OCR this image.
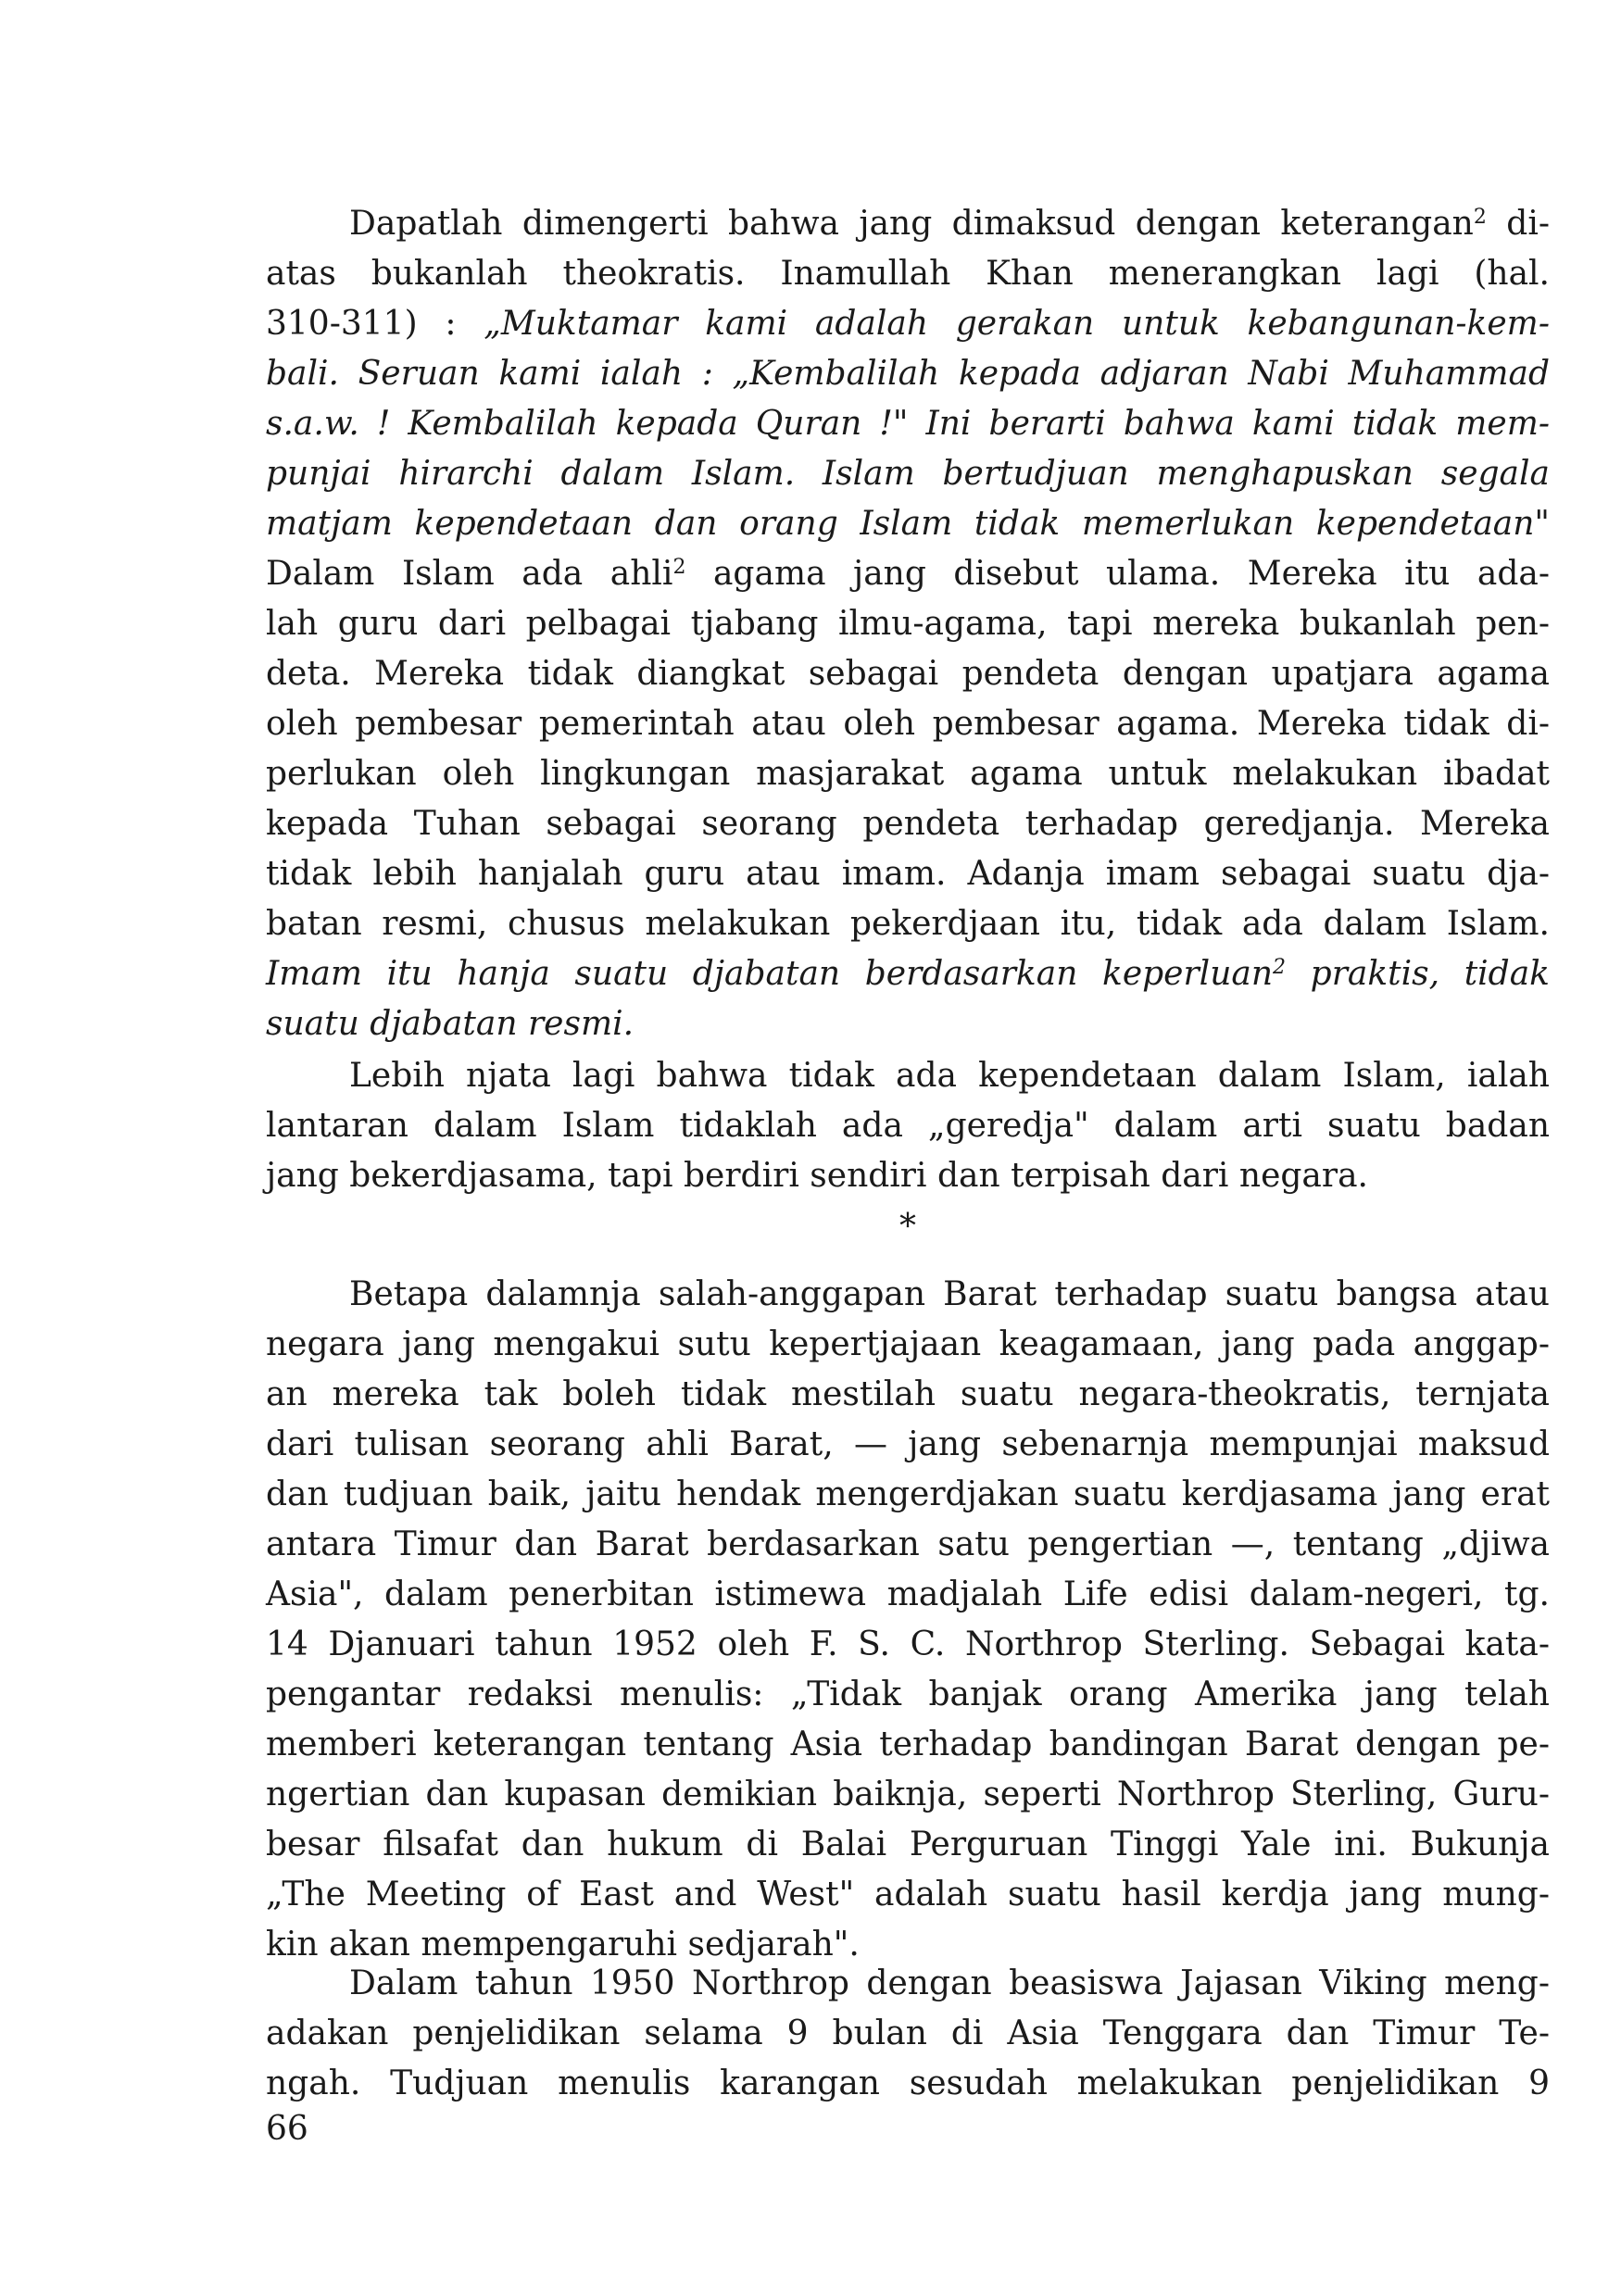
Dapatlah dimengerti bahwa jang dimaksud dengan keterangan$^2$ di-
atas bukanlah theokratis. Inamullah Khan menerangkan lagi (hal.
310-311) : „Muktamar kami adalah gerakan untuk kebangunan-kem-
bali. Seruan kami ialah : „Kembalilah kepada adjaran Nabi Muhammad
s.a.w. ! Kembalilah kepada Quran !" Ini berarti bahwa kami tidak mem-
punjai hirarchi dalam Islam. Islam bertudjuan menghapuskan segala
matjam kependetaan dan orang Islam tidak memerlukan kependetaan"
Dalam Islam ada ahli$^2$ agama jang disebut ulama. Mereka itu ada-
lah guru dari pelbagai tjabang ilmu-agama, tapi mereka bukanlah pen-
deta. Mereka tidak diangkat sebagai pendeta dengan upatjara agama
oleh pembesar pemerintah atau oleh pembesar agama. Mereka tidak di-
perlukan oleh lingkungan masjarakat agama untuk melakukan ibadat
kepada Tuhan sebagai seorang pendeta terhadap geredjanja. Mereka
tidak lebih hanjalah guru atau imam. Adanja imam sebagai suatu dja-
batan resmi, chusus melakukan pekerdjaan itu, tidak ada dalam Islam.
Imam itu hanja suatu djabatan berdasarkan keperluan$^2$ praktis, tidak
suatu djabatan resmi.
Lebih njata lagi bahwa tidak ada kependetaan dalam Islam, ialah
lantaran dalam Islam tidaklah ada „geredja" dalam arti suatu badan
jang bekerdjasama, tapi berdiri sendiri dan terpisah dari negara.
*
Betapa dalamnja salah-anggapan Barat terhadap suatu bangsa atau
negara jang mengakui sutu kepertjajaan keagamaan, jang pada anggap-
an mereka tak boleh tidak mestilah suatu negara-theokratis, ternjata
dari tulisan seorang ahli Barat, — jang sebenarnja mempunjai maksud
dan tudjuan baik, jaitu hendak mengerdjakan suatu kerdjasama jang erat
antara Timur dan Barat berdasarkan satu pengertian —, tentang „djiwa
Asia", dalam penerbitan istimewa madjalah Life edisi dalam-negeri, tg.
14 Djanuari tahun 1952 oleh F. S. C. Northrop Sterling. Sebagai kata-
pengantar redaksi menulis: „Tidak banjak orang Amerika jang telah
memberi keterangan tentang Asia terhadap bandingan Barat dengan pe-
ngertian dan kupasan demikian baiknja, seperti Northrop Sterling, Guru-
besar filsafat dan hukum di Balai Perguruan Tinggi Yale ini. Bukunja
„The Meeting of East and West" adalah suatu hasil kerdja jang mung-
kin akan mempengaruhi sedjarah".
Dalam tahun 1950 Northrop dengan beasiswa Jajasan Viking meng-
adakan penjelidikan selama 9 bulan di Asia Tenggara dan Timur Te-
ngah. Tudjuan menulis karangan sesudah melakukan penjelidikan 9
66
